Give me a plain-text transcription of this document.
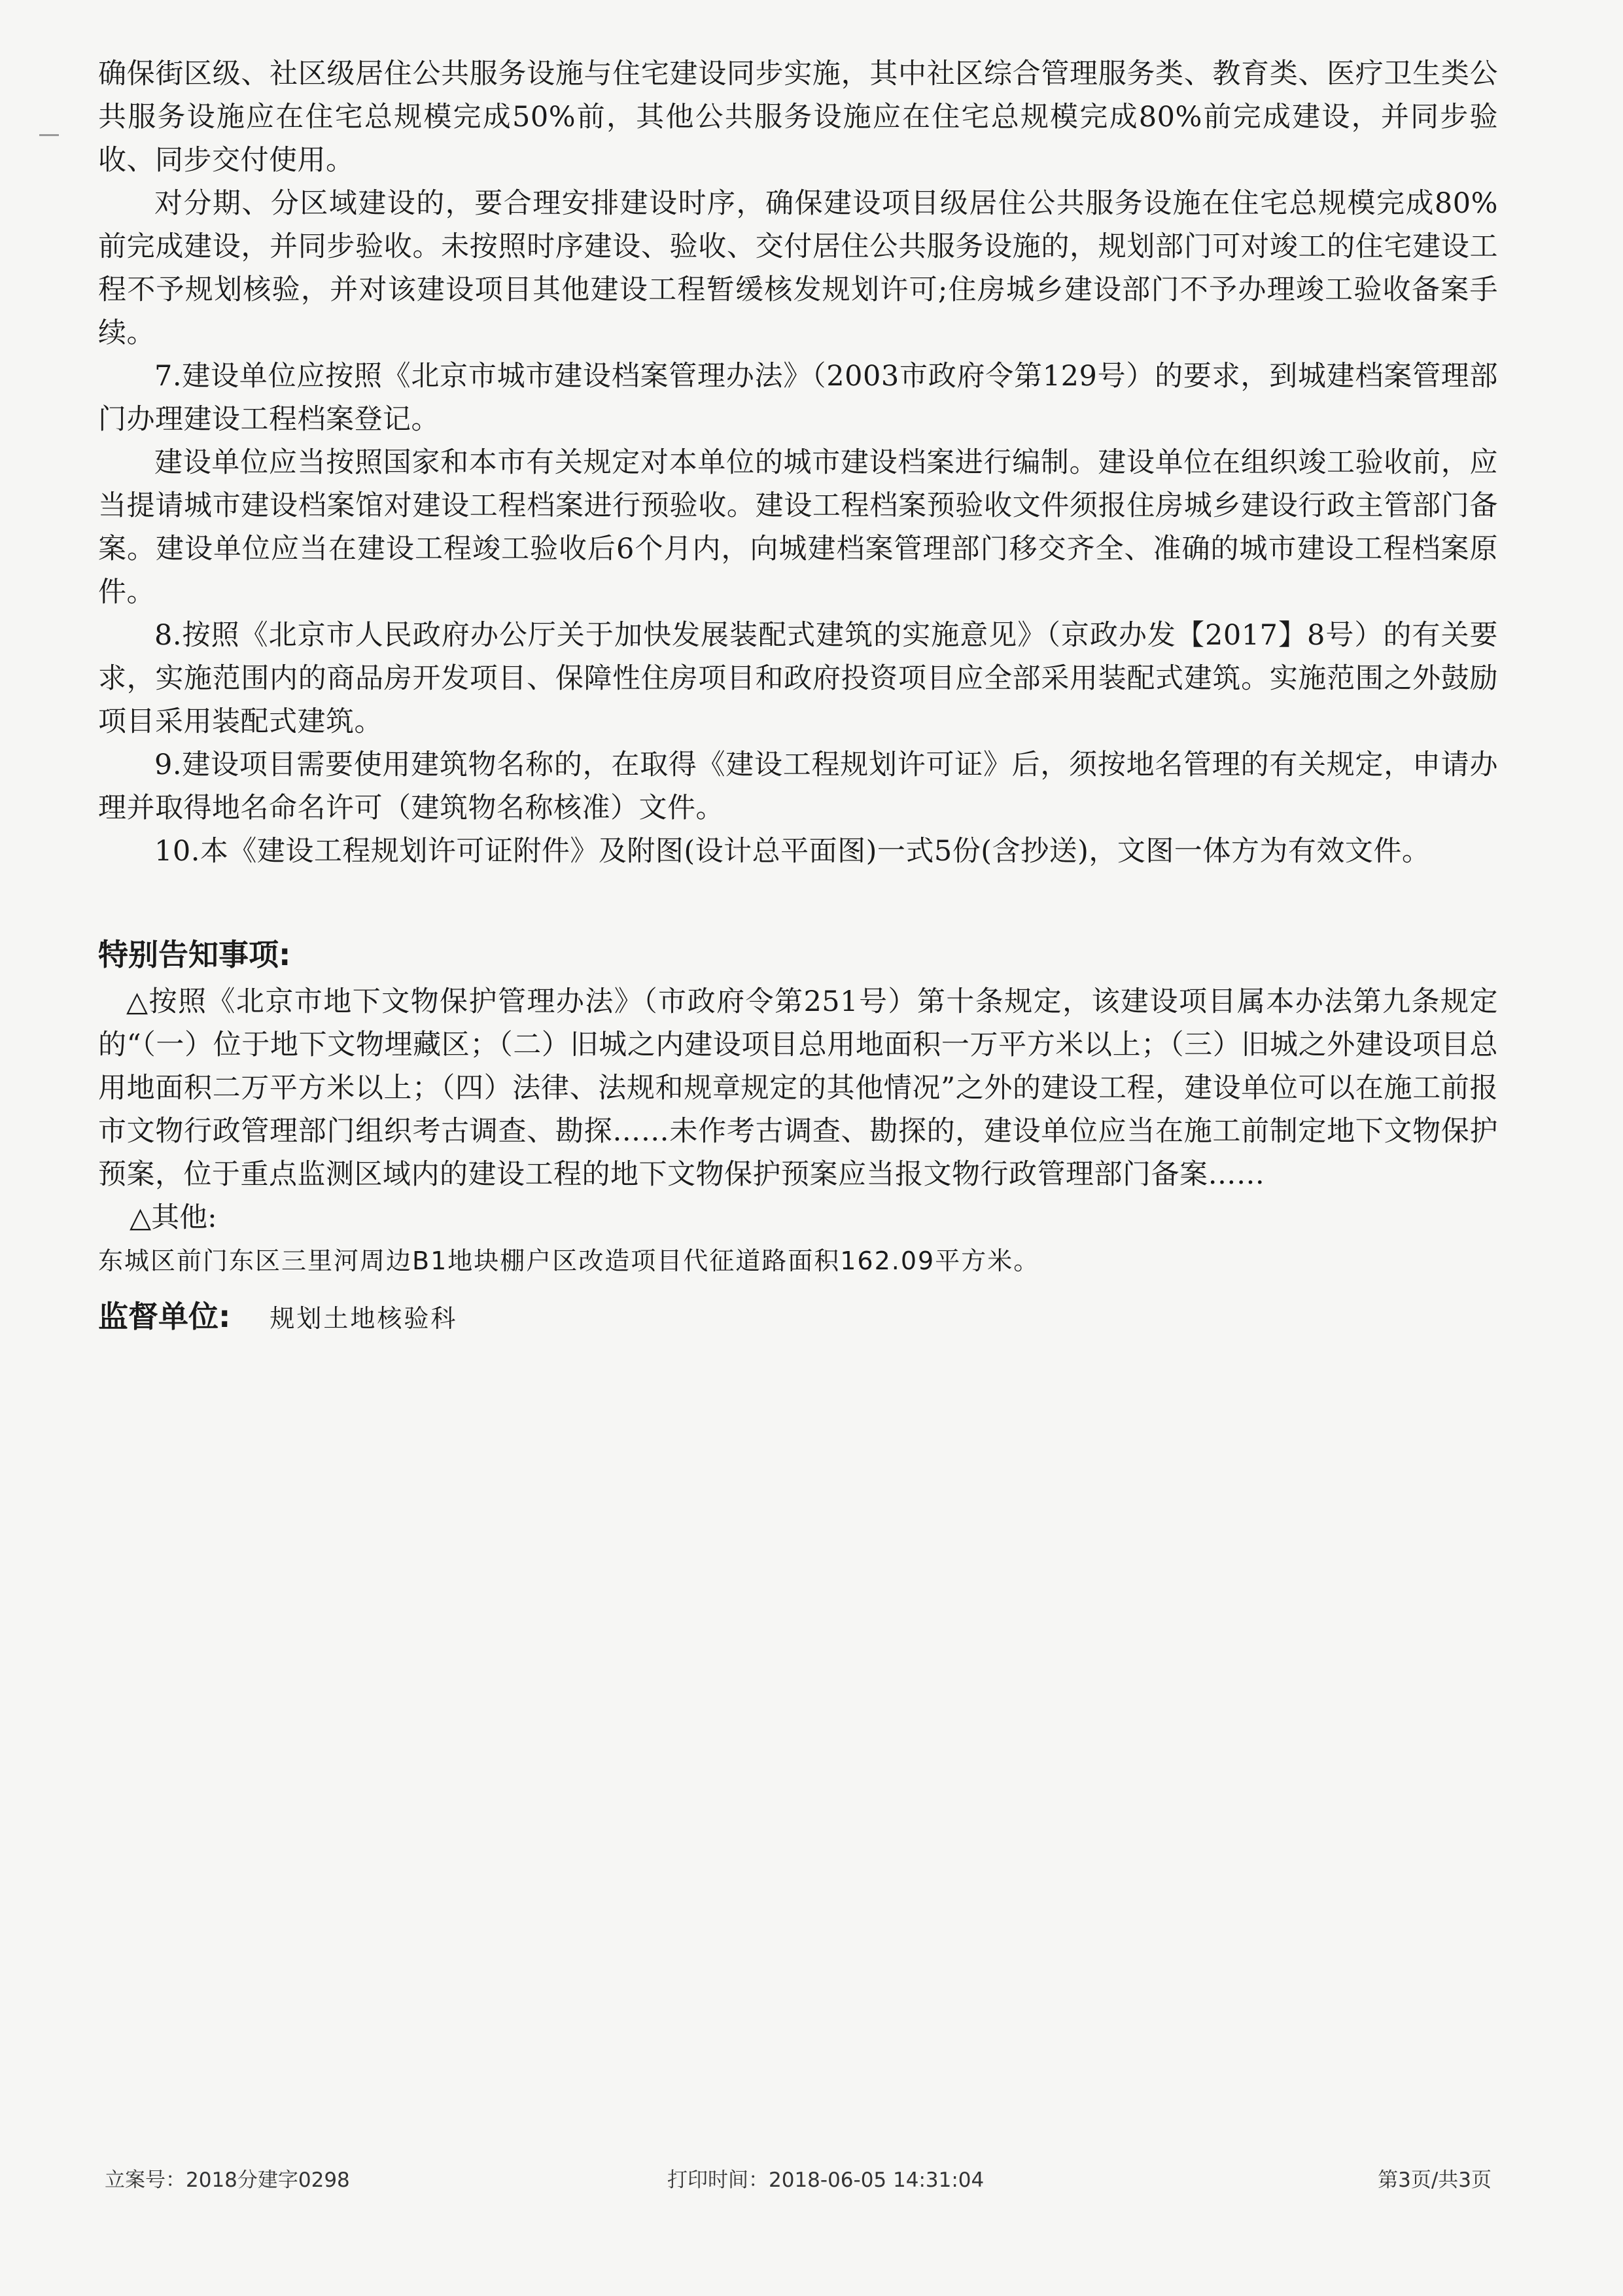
确保街区级、社区级居住公共服务设施与住宅建设同步实施，其中社区综合管理服务类、教育类、医疗卫生类公共服务设施应在住宅总规模完成50%前，其他公共服务设施应在住宅总规模完成80%前完成建设，并同步验收、同步交付使用。

对分期、分区域建设的，要合理安排建设时序，确保建设项目级居住公共服务设施在住宅总规模完成80%前完成建设，并同步验收。未按照时序建设、验收、交付居住公共服务设施的，规划部门可对竣工的住宅建设工程不予规划核验，并对该建设项目其他建设工程暂缓核发规划许可;住房城乡建设部门不予办理竣工验收备案手续。

7.建设单位应按照《北京市城市建设档案管理办法》（2003市政府令第129号）的要求，到城建档案管理部门办理建设工程档案登记。

建设单位应当按照国家和本市有关规定对本单位的城市建设档案进行编制。建设单位在组织竣工验收前，应当提请城市建设档案馆对建设工程档案进行预验收。建设工程档案预验收文件须报住房城乡建设行政主管部门备案。建设单位应当在建设工程竣工验收后6个月内，向城建档案管理部门移交齐全、准确的城市建设工程档案原件。

8.按照《北京市人民政府办公厅关于加快发展装配式建筑的实施意见》（京政办发【2017】8号）的有关要求，实施范围内的商品房开发项目、保障性住房项目和政府投资项目应全部采用装配式建筑。实施范围之外鼓励项目采用装配式建筑。

9.建设项目需要使用建筑物名称的，在取得《建设工程规划许可证》后，须按地名管理的有关规定，申请办理并取得地名命名许可（建筑物名称核准）文件。

10.本《建设工程规划许可证附件》及附图(设计总平面图)一式5份(含抄送)，文图一体方为有效文件。

特别告知事项:

△按照《北京市地下文物保护管理办法》（市政府令第251号）第十条规定，该建设项目属本办法第九条规定的“（一）位于地下文物埋藏区；（二）旧城之内建设项目总用地面积一万平方米以上；（三）旧城之外建设项目总用地面积二万平方米以上；（四）法律、法规和规章规定的其他情况”之外的建设工程，建设单位可以在施工前报市文物行政管理部门组织考古调查、勘探……未作考古调查、勘探的，建设单位应当在施工前制定地下文物保护预案，位于重点监测区域内的建设工程的地下文物保护预案应当报文物行政管理部门备案……

△其他:

东城区前门东区三里河周边B1地块棚户区改造项目代征道路面积162.09平方米。

监督单位: 规划土地核验科
立案号：2018分建字0298	打印时间：2018-06-05 14:31:04	第3页/共3页
